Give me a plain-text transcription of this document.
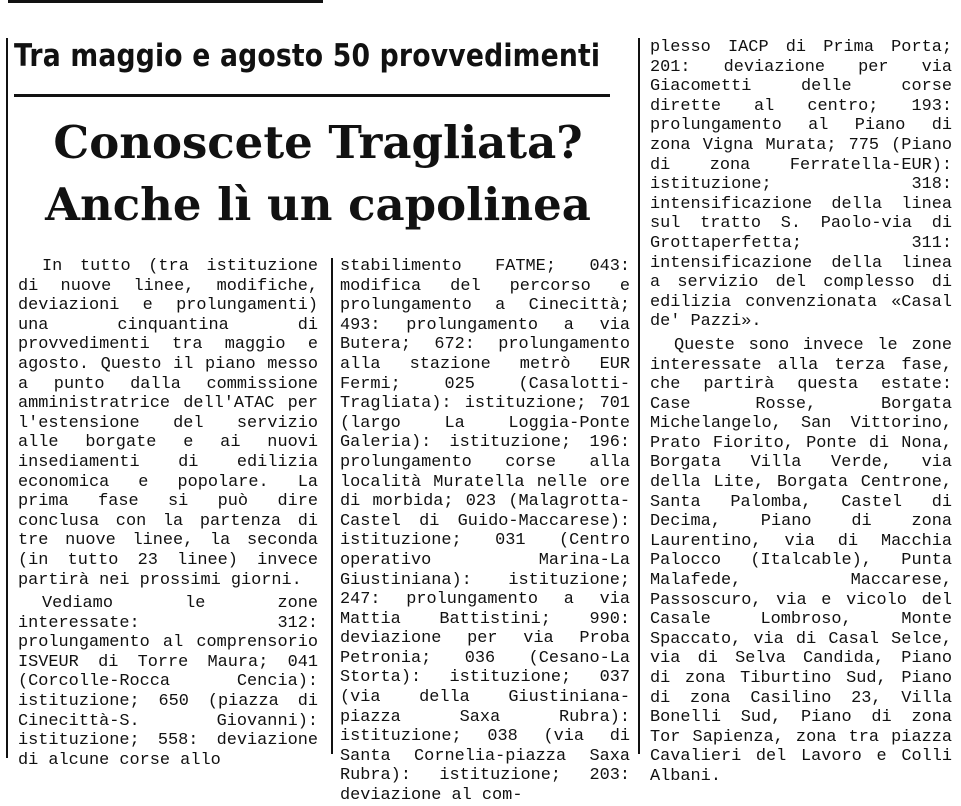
Tra maggio e agosto 50 provvedimenti
Conoscete Tragliata?
Anche lì un capolinea

In tutto (tra istituzione di nuove linee, modifiche, deviazioni e prolungamenti) una cinquantina di provvedimenti tra maggio e agosto. Questo il piano messo a punto dalla commissione amministratrice dell'ATAC per l'estensione del servizio alle borgate e ai nuovi insediamenti di edilizia economica e popolare. La prima fase si può dire conclusa con la partenza di tre nuove linee, la seconda (in tutto 23 linee) invece partirà nei prossimi giorni.

Vediamo le zone interessate: 312: prolungamento al comprensorio ISVEUR di Torre Maura; 041 (Corcolle-Rocca Cencia): istituzione; 650 (piazza di Cinecittà-S. Giovanni): istituzione; 558: deviazione di alcune corse allo

stabilimento FATME; 043: modifica del percorso e prolungamento a Cinecittà; 493: prolungamento a via Butera; 672: prolungamento alla stazione metrò EUR Fermi; 025 (Casalotti-Tragliata): istituzione; 701 (largo La Loggia-Ponte Galeria): istituzione; 196: prolungamento corse alla località Muratella nelle ore di morbida; 023 (Malagrotta-Castel di Guido-Maccarese): istituzione; 031 (Centro operativo Marina-La Giustiniana): istituzione; 247: prolungamento a via Mattia Battistini; 990: deviazione per via Proba Petronia; 036 (Cesano-La Storta): istituzione; 037 (via della Giustiniana-piazza Saxa Rubra): istituzione; 038 (via di Santa Cornelia-piazza Saxa Rubra): istituzione; 203: deviazione al com-

plesso IACP di Prima Porta; 201: deviazione per via Giacometti delle corse dirette al centro; 193: prolungamento al Piano di zona Vigna Murata; 775 (Piano di zona Ferratella-EUR): istituzione; 318: intensificazione della linea sul tratto S. Paolo-via di Grottaperfetta; 311: intensificazione della linea a servizio del complesso di edilizia convenzionata «Casal de' Pazzi».

Queste sono invece le zone interessate alla terza fase, che partirà questa estate: Case Rosse, Borgata Michelangelo, San Vittorino, Prato Fiorito, Ponte di Nona, Borgata Villa Verde, via della Lite, Borgata Centrone, Santa Palomba, Castel di Decima, Piano di zona Laurentino, via di Macchia Palocco (Italcable), Punta Malafede, Maccarese, Passoscuro, via e vicolo del Casale Lombroso, Monte Spaccato, via di Casal Selce, via di Selva Candida, Piano di zona Tiburtino Sud, Piano di zona Casilino 23, Villa Bonelli Sud, Piano di zona Tor Sapienza, zona tra piazza Cavalieri del Lavoro e Colli Albani.
